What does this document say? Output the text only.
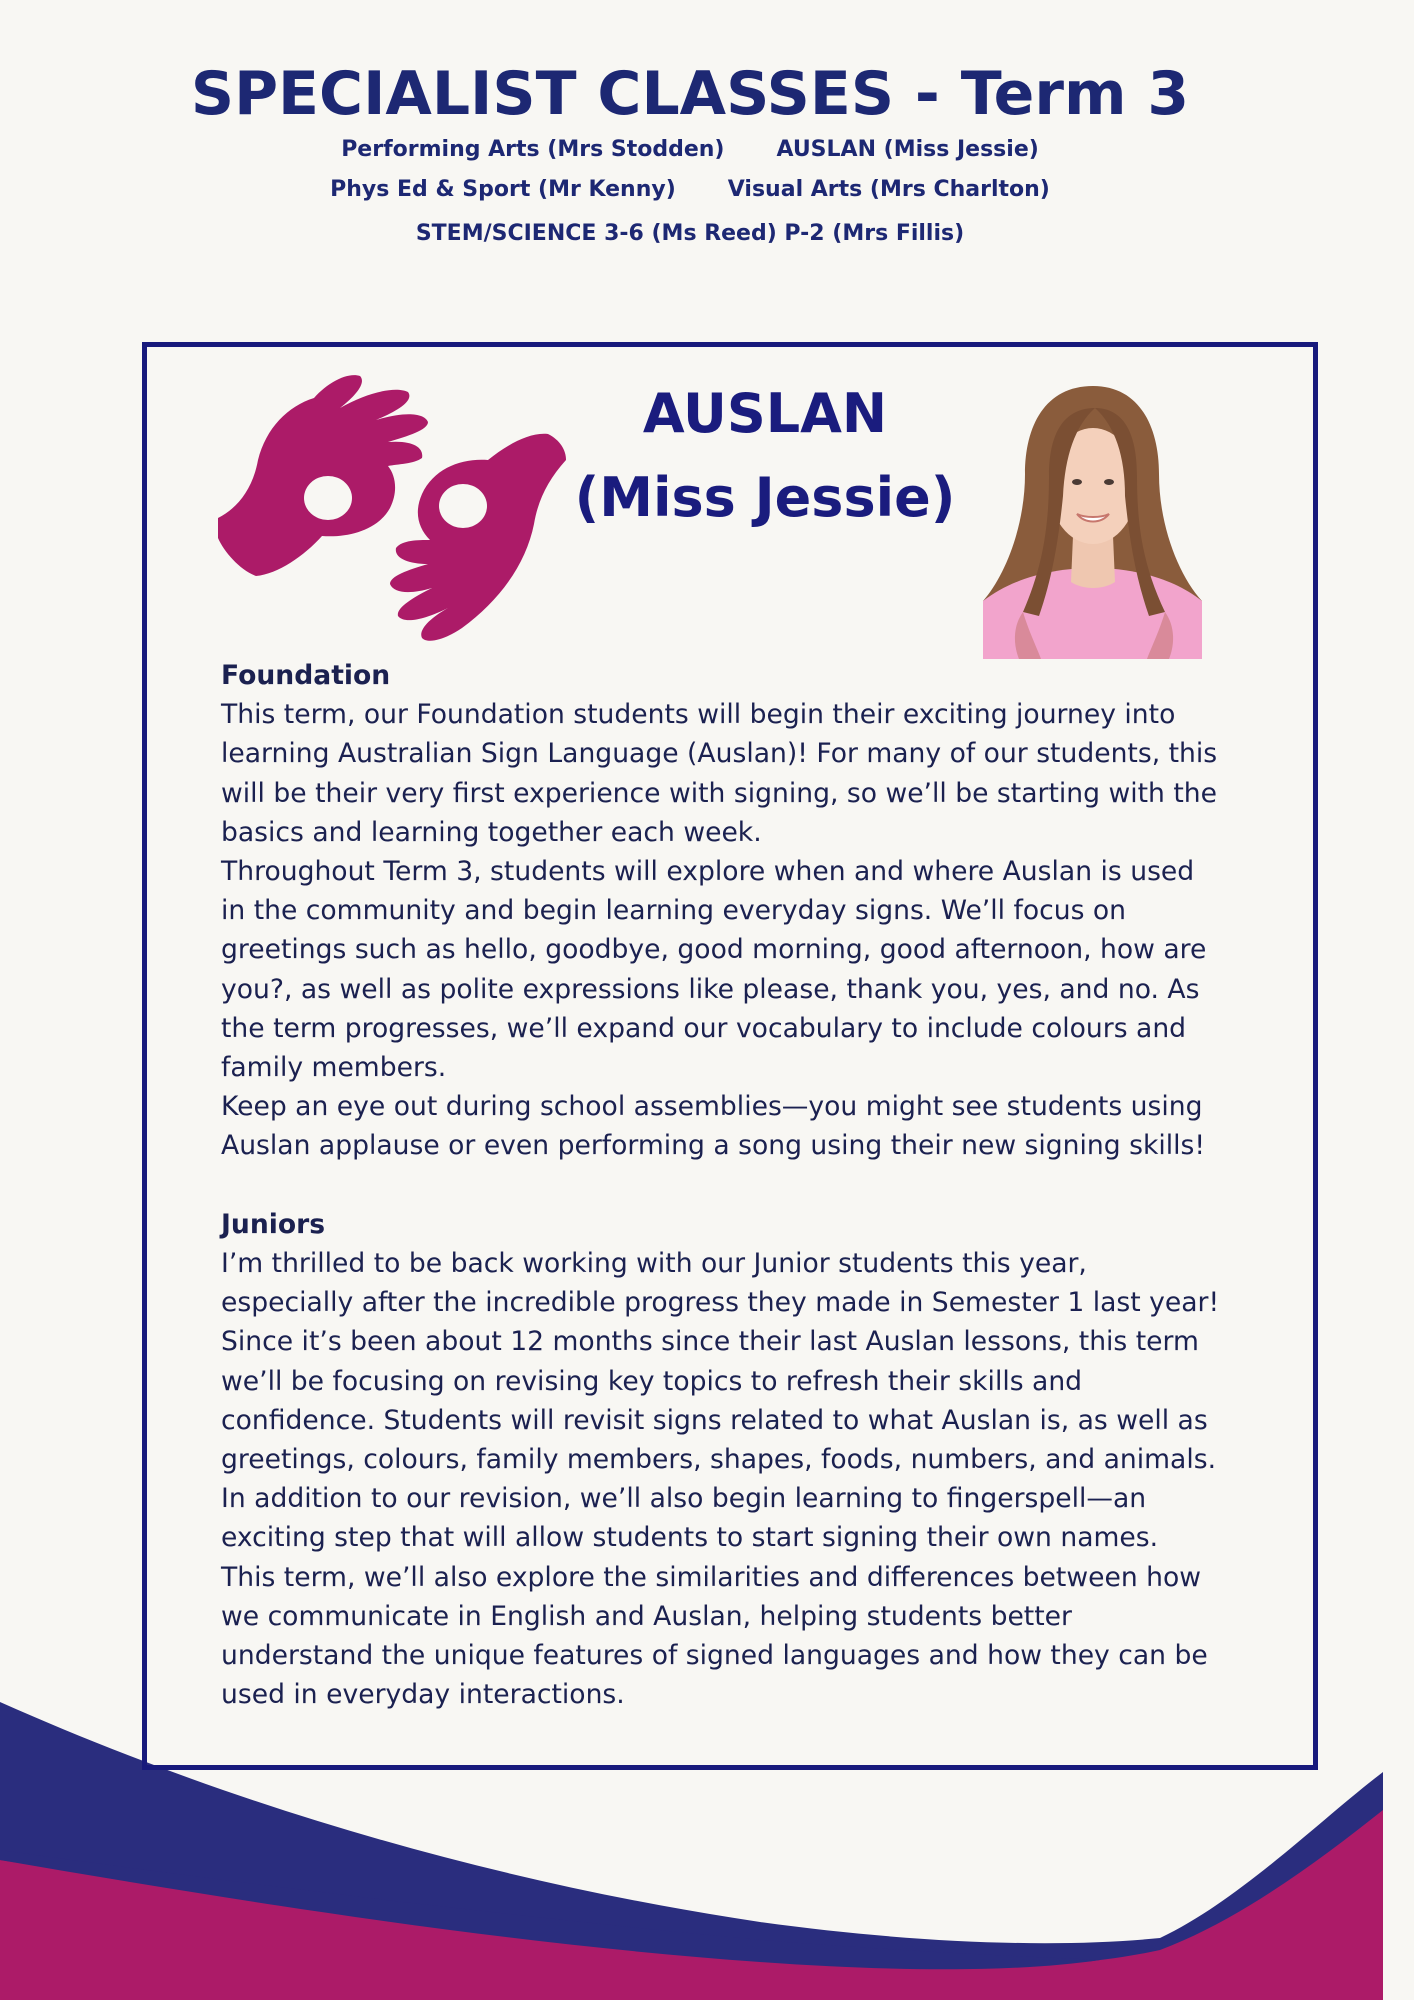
SPECIALIST CLASSES - Term 3
Performing Arts (Mrs Stodden) AUSLAN (Miss Jessie)
Phys Ed & Sport (Mr Kenny) Visual Arts (Mrs Charlton)
STEM/SCIENCE 3-6 (Ms Reed) P-2 (Mrs Fillis)
AUSLAN
(Miss Jessie)
Foundation

This term, our Foundation students will begin their exciting journey into

learning Australian Sign Language (Auslan)! For many of our students, this

will be their very first experience with signing, so we’ll be starting with the

basics and learning together each week.

Throughout Term 3, students will explore when and where Auslan is used

in the community and begin learning everyday signs. We’ll focus on

greetings such as hello, goodbye, good morning, good afternoon, how are

you?, as well as polite expressions like please, thank you, yes, and no. As

the term progresses, we’ll expand our vocabulary to include colours and

family members.

Keep an eye out during school assemblies—you might see students using

Auslan applause or even performing a song using their new signing skills!

Juniors

I’m thrilled to be back working with our Junior students this year,

especially after the incredible progress they made in Semester 1 last year!

Since it’s been about 12 months since their last Auslan lessons, this term

we’ll be focusing on revising key topics to refresh their skills and

confidence. Students will revisit signs related to what Auslan is, as well as

greetings, colours, family members, shapes, foods, numbers, and animals.

In addition to our revision, we’ll also begin learning to fingerspell—an

exciting step that will allow students to start signing their own names.

This term, we’ll also explore the similarities and differences between how

we communicate in English and Auslan, helping students better

understand the unique features of signed languages and how they can be

used in everyday interactions.
